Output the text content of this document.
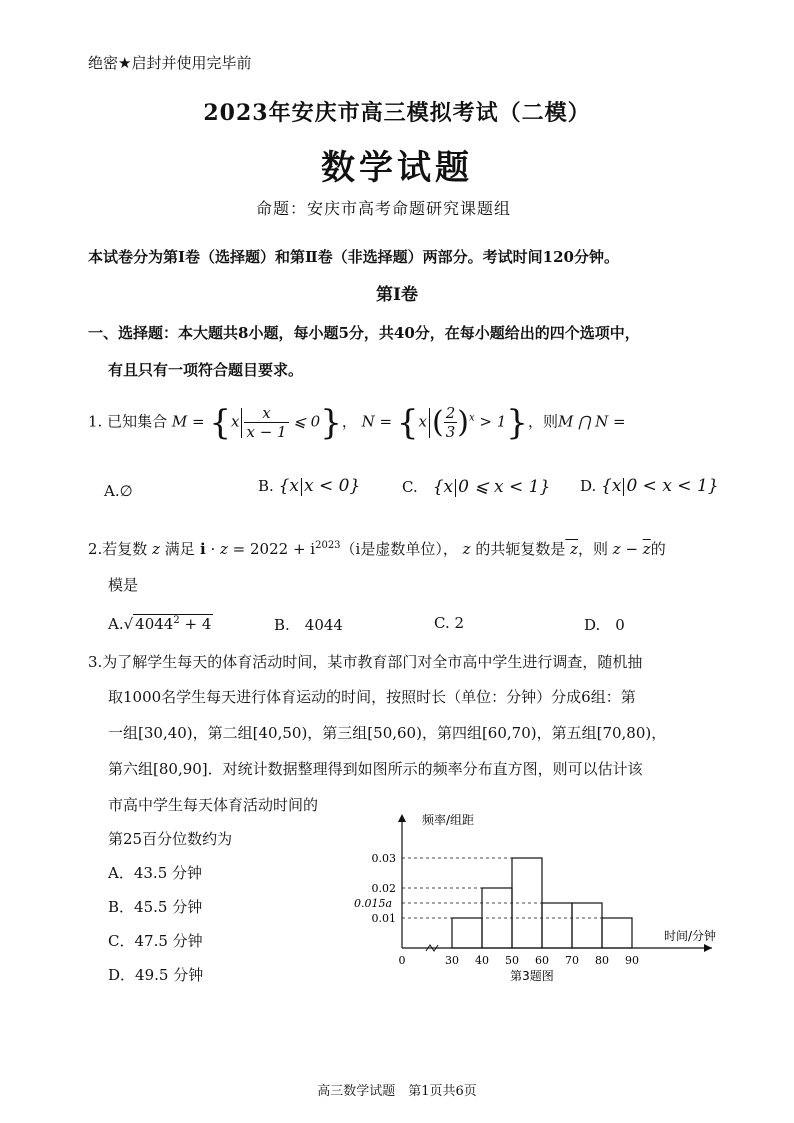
绝密★启封并使用完毕前
2023年安庆市高三模拟考试（二模）
数学试题
命题：安庆市高考命题研究课题组
本试卷分为第Ⅰ卷（选择题）和第Ⅱ卷（非选择题）两部分。考试时间120分钟。
第Ⅰ卷
一、选择题：本大题共8小题，每小题5分，共40分，在每小题给出的四个选项中，
有且只有一项符合题目要求。
1. 已知集合 $M = \{x \frac{x}{x - 1}$ ⩽ 0}， N = {x ( $\frac{2}{3} )^x > 1$}，则M ⋂ N =
A.∅	B. {x x < 0}	C.　 {x 0 ⩽ x < 1} D. {x 0 < x < 1}
2.若复数 z 满足 $i \cdot z = 2022 + i^{2023}(i$是虚数单位）， z 的共轭复数是 z，则 $z - \overline{z}$的
模是
A.√ $4044^2 + 4$	B.　4044	C. 2	D.　0
3.为了解学生每天的体育活动时间，某市教育部门对全市高中学生进行调查，随机抽
取1000名学生每天进行体育运动的时间，按照时长（单位：分钟）分成6组：第
一组[30,40)，第二组[40,50)，第三组[50,60)，第四组[60,70)，第五组[70,80)，
第六组[80,90]．对统计数据整理得到如图所示的频率分布直方图，则可以估计该
市高中学生每天体育活动时间的
第25百分位数约为
A．43.5 分钟
B．45.5 分钟
C．47.5 分钟
D．49.5 分钟
0.01
0.02
0.03
0.015a
0	30 40 50 60 70 80 90
频率/组距
时间/分钟
第3题图
高三数学试题　第1页共6页
